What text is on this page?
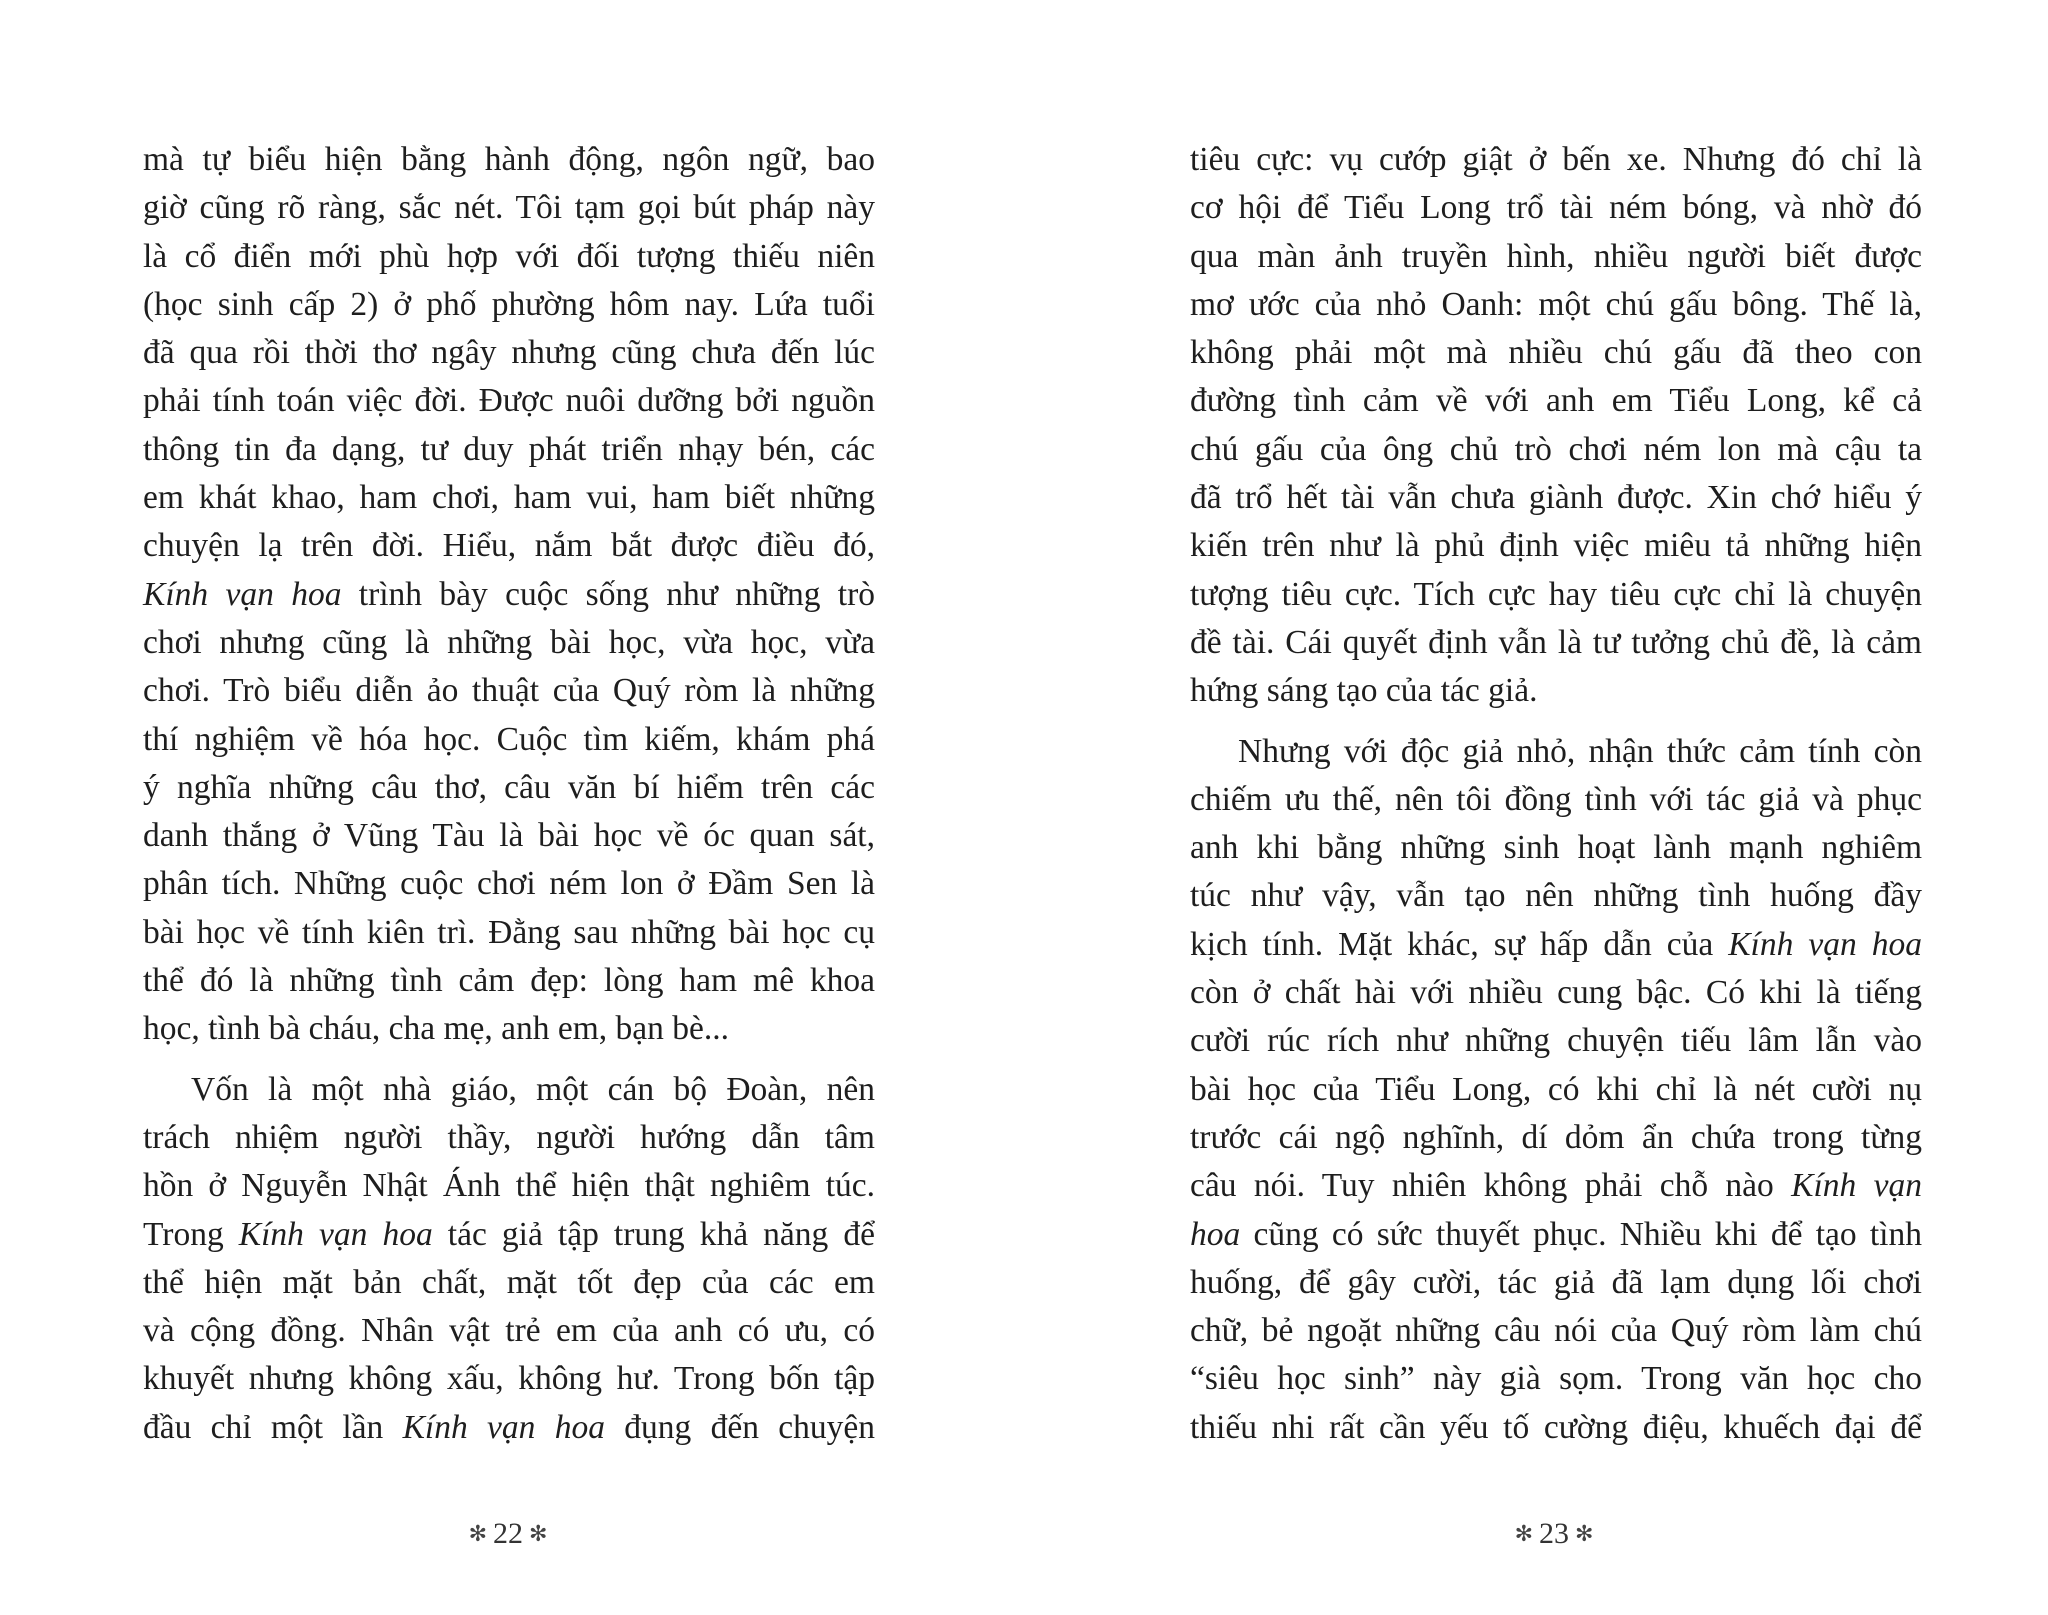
mà tự biểu hiện bằng hành động, ngôn ngữ, bao
giờ cũng rõ ràng, sắc nét. Tôi tạm gọi bút pháp này
là cổ điển mới phù hợp với đối tượng thiếu niên
(học sinh cấp 2) ở phố phường hôm nay. Lứa tuổi
đã qua rồi thời thơ ngây nhưng cũng chưa đến lúc
phải tính toán việc đời. Được nuôi dưỡng bởi nguồn
thông tin đa dạng, tư duy phát triển nhạy bén, các
em khát khao, ham chơi, ham vui, ham biết những
chuyện lạ trên đời. Hiểu, nắm bắt được điều đó,
Kính vạn hoa trình bày cuộc sống như những trò
chơi nhưng cũng là những bài học, vừa học, vừa
chơi. Trò biểu diễn ảo thuật của Quý ròm là những
thí nghiệm về hóa học. Cuộc tìm kiếm, khám phá
ý nghĩa những câu thơ, câu văn bí hiểm trên các
danh thắng ở Vũng Tàu là bài học về óc quan sát,
phân tích. Những cuộc chơi ném lon ở Đầm Sen là
bài học về tính kiên trì. Đằng sau những bài học cụ
thể đó là những tình cảm đẹp: lòng ham mê khoa
học, tình bà cháu, cha mẹ, anh em, bạn bè...
Vốn là một nhà giáo, một cán bộ Đoàn, nên
trách nhiệm người thầy, người hướng dẫn tâm
hồn ở Nguyễn Nhật Ánh thể hiện thật nghiêm túc.
Trong Kính vạn hoa tác giả tập trung khả năng để
thể hiện mặt bản chất, mặt tốt đẹp của các em
và cộng đồng. Nhân vật trẻ em của anh có ưu, có
khuyết nhưng không xấu, không hư. Trong bốn tập
đầu chỉ một lần Kính vạn hoa đụng đến chuyện
tiêu cực: vụ cướp giật ở bến xe. Nhưng đó chỉ là
cơ hội để Tiểu Long trổ tài ném bóng, và nhờ đó
qua màn ảnh truyền hình, nhiều người biết được
mơ ước của nhỏ Oanh: một chú gấu bông. Thế là,
không phải một mà nhiều chú gấu đã theo con
đường tình cảm về với anh em Tiểu Long, kể cả
chú gấu của ông chủ trò chơi ném lon mà cậu ta
đã trổ hết tài vẫn chưa giành được. Xin chớ hiểu ý
kiến trên như là phủ định việc miêu tả những hiện
tượng tiêu cực. Tích cực hay tiêu cực chỉ là chuyện
đề tài. Cái quyết định vẫn là tư tưởng chủ đề, là cảm
hứng sáng tạo của tác giả.
Nhưng với độc giả nhỏ, nhận thức cảm tính còn
chiếm ưu thế, nên tôi đồng tình với tác giả và phục
anh khi bằng những sinh hoạt lành mạnh nghiêm
túc như vậy, vẫn tạo nên những tình huống đầy
kịch tính. Mặt khác, sự hấp dẫn của Kính vạn hoa
còn ở chất hài với nhiều cung bậc. Có khi là tiếng
cười rúc rích như những chuyện tiếu lâm lẫn vào
bài học của Tiểu Long, có khi chỉ là nét cười nụ
trước cái ngộ nghĩnh, dí dỏm ẩn chứa trong từng
câu nói. Tuy nhiên không phải chỗ nào Kính vạn
hoa cũng có sức thuyết phục. Nhiều khi để tạo tình
huống, để gây cười, tác giả đã lạm dụng lối chơi
chữ, bẻ ngoặt những câu nói của Quý ròm làm chú
“siêu học sinh” này già sọm. Trong văn học cho
thiếu nhi rất cần yếu tố cường điệu, khuếch đại để
✻ 22 ✻	✻ 23 ✻
